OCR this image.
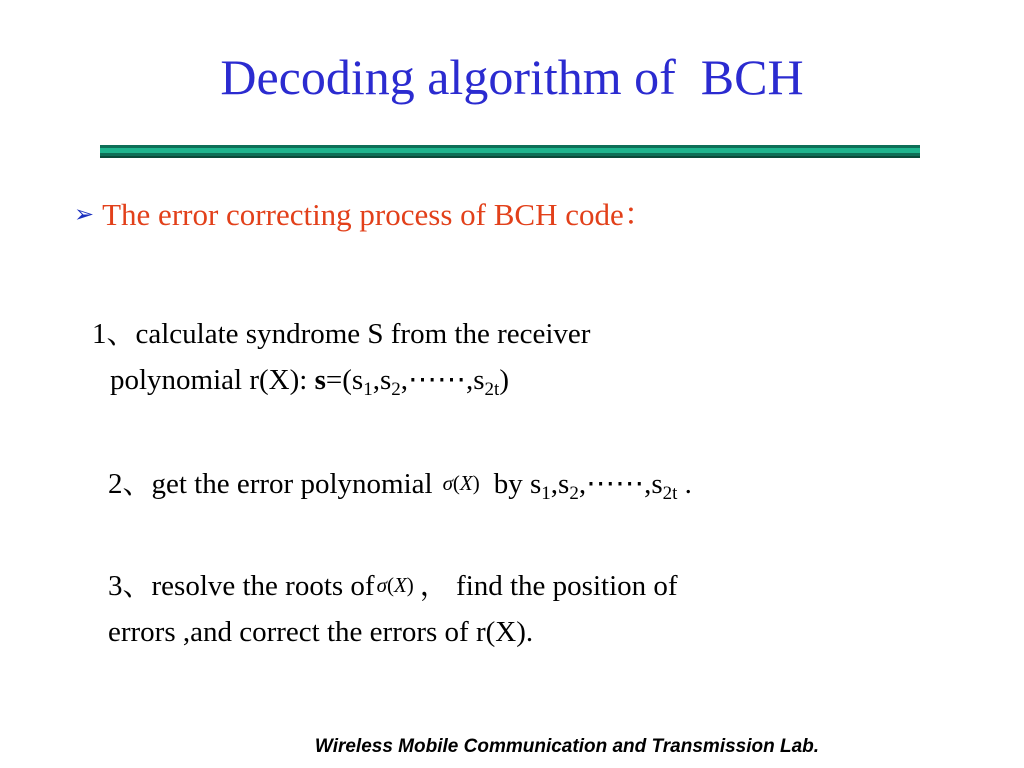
Decoding algorithm of  BCH
➢ The error correcting process of BCH code：
1、calculate syndrome S from the receiver
polynomial r(X): $s=(s_1,s_2,\cdots\cdots,s_{2t})$
2、get the error polynomial σ(X) by $s_1,s_2,\cdots\cdots,s_{2t}$ .
3、resolve the roots ofσ(X) ， find the position of
errors ,and correct the errors of r(X).
Wireless Mobile Communication and Transmission Lab.
